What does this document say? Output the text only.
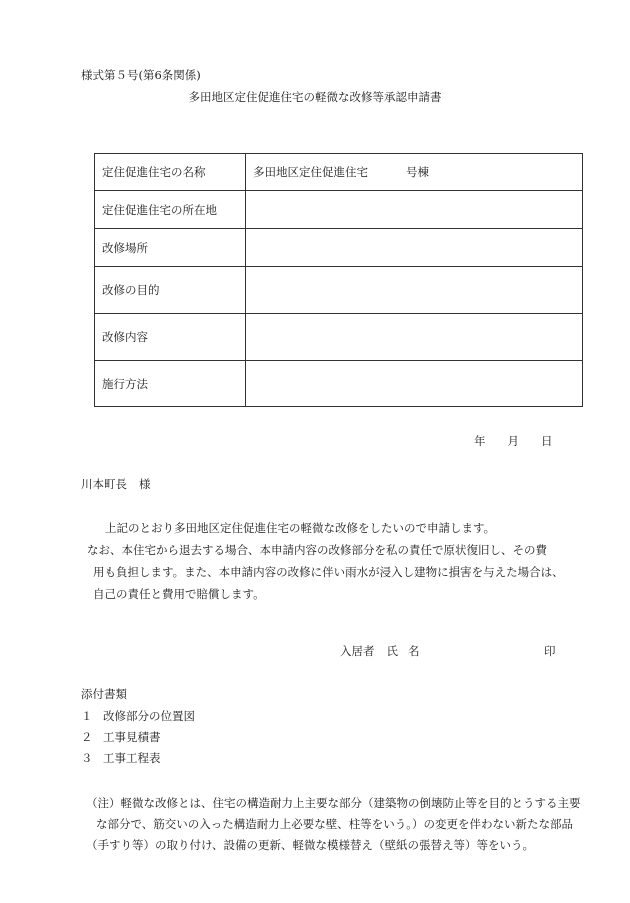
様式第５号(第6条関係)
多田地区定住促進住宅の軽微な改修等承認申請書
定住促進住宅の名称	多田地区定住促進住宅 号棟
定住促進住宅の所在地	
改修場所	
改修の目的	
改修内容	
施行方法	
年 月 日
川本町長 様

上記のとおり多田地区定住促進住宅の軽微な改修をしたいので申請します。

なお、本住宅から退去する場合、本申請内容の改修部分を私の責任で原状復旧し、その費
用も負担します。また、本申請内容の改修に伴い雨水が浸入し建物に損害を与えた場合は、
自己の責任と費用で賠償します。

入居者 氏 名	印
添付書類
１ 改修部分の位置図
２ 工事見積書
３ 工事工程表

（注）軽微な改修とは、住宅の構造耐力上主要な部分（建築物の倒壊防止等を目的とうする主要

な部分で、筋交いの入った構造耐力上必要な壁、柱等をいう。）の変更を伴わない新たな部品

（手すり等）の取り付け、設備の更新、軽微な模様替え（壁紙の張替え等）等をいう。
